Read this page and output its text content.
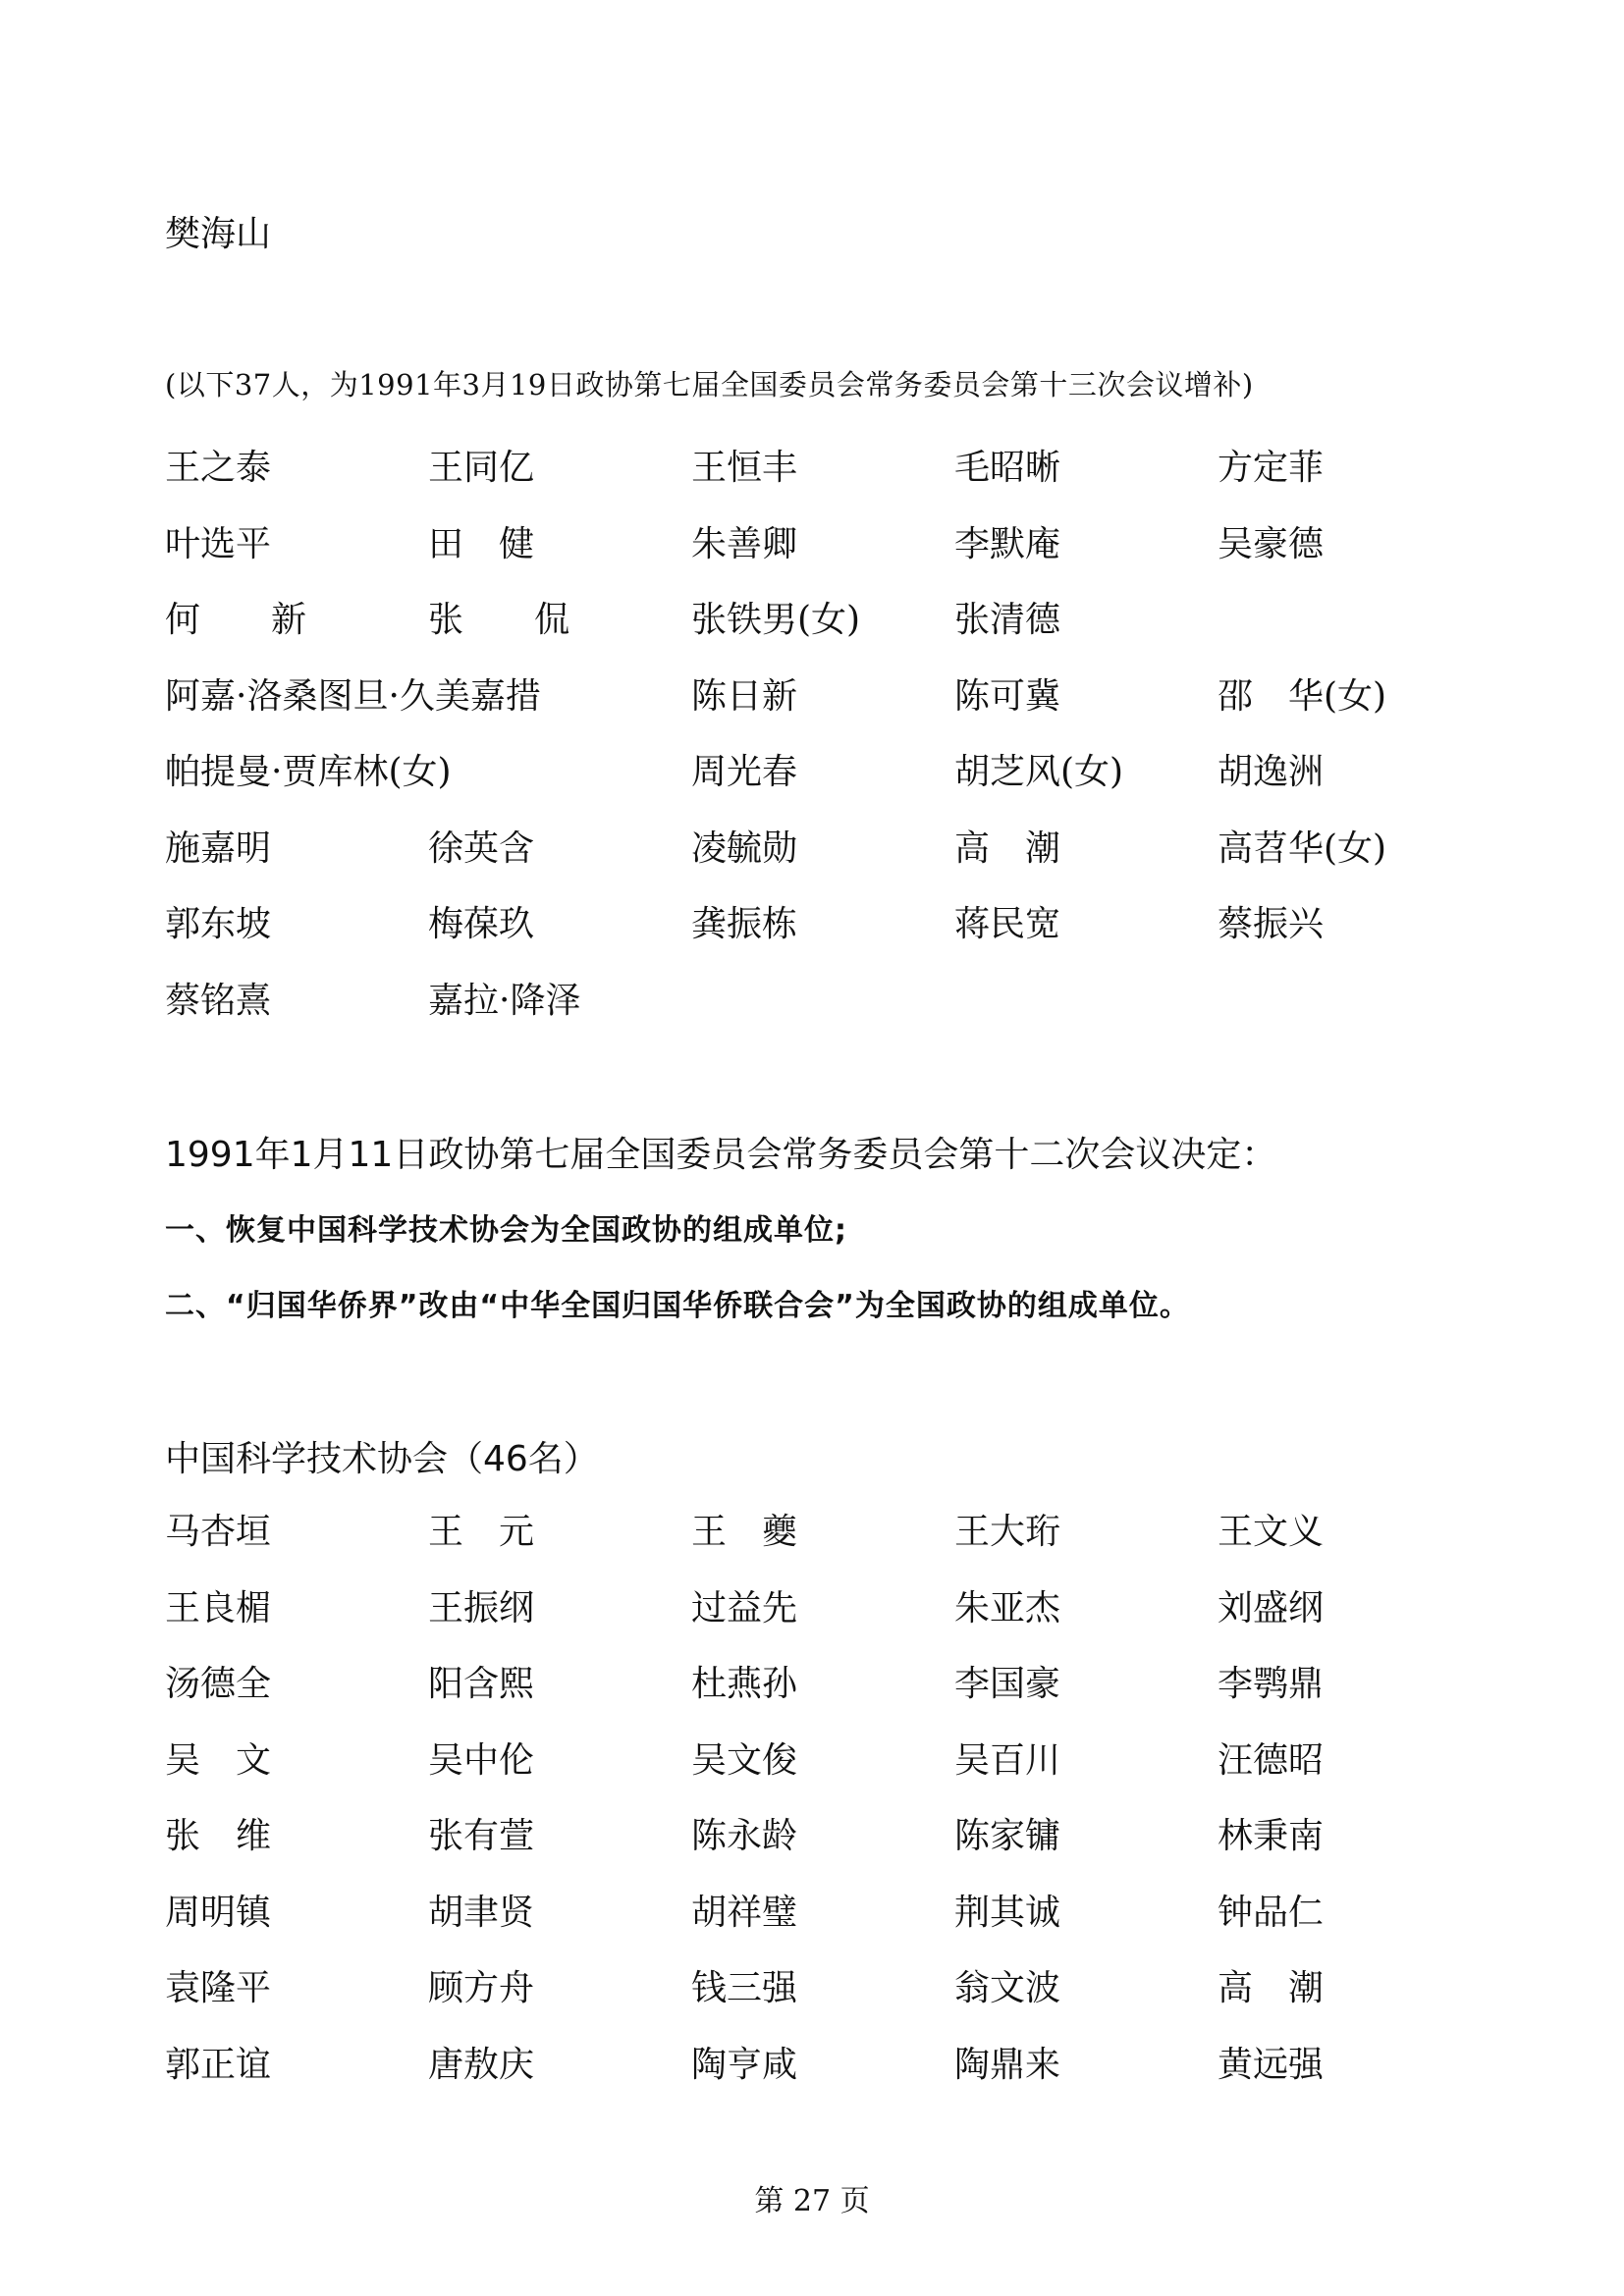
樊海山
(以下37人，为1991年3月19日政协第七届全国委员会常务委员会第十三次会议增补)
王之泰	王同亿	王恒丰	毛昭晰	方定菲
叶选平	田　健	朱善卿	李默庵	吴豪德
何　　新	张　　侃	张铁男(女)	张清德
阿嘉·洛桑图旦·久美嘉措	陈日新	陈可冀	邵　华(女)
帕提曼·贾库林(女)	周光春	胡芝风(女)	胡逸洲
施嘉明	徐英含	凌毓勋	高　潮	高苕华(女)
郭东坡	梅葆玖	龚振栋	蒋民宽	蔡振兴
蔡铭熹	嘉拉·降泽
1991年1月11日政协第七届全国委员会常务委员会第十二次会议决定：
一、恢复中国科学技术协会为全国政协的组成单位;
二、“归国华侨界”改由“中华全国归国华侨联合会”为全国政协的组成单位。
中国科学技术协会（46名）
马杏垣	王　元	王　夔	王大珩	王文义
王良楣	王振纲	过益先	朱亚杰	刘盛纲
汤德全	阳含熙	杜燕孙	李国豪	李鹗鼎
吴　文	吴中伦	吴文俊	吴百川	汪德昭
张　维	张有萱	陈永龄	陈家镛	林秉南
周明镇	胡聿贤	胡祥璧	荆其诚	钟品仁
袁隆平	顾方舟	钱三强	翁文波	高　潮
郭正谊	唐敖庆	陶亨咸	陶鼎来	黄远强
第 27 页
